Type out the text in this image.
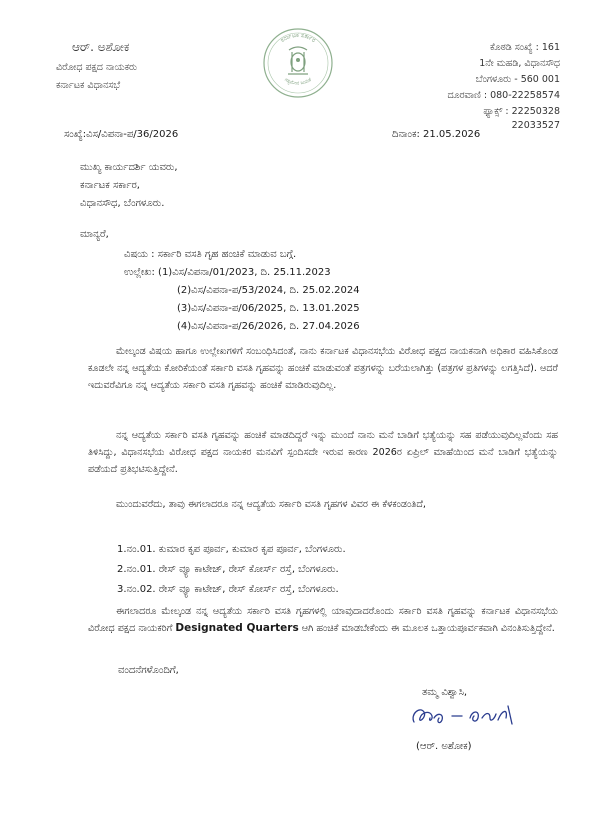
ಆರ್. ಅಶೋಕ
ವಿರೋಧ ಪಕ್ಷದ ನಾಯಕರು
ಕರ್ನಾಟಕ ವಿಧಾನಸಭೆ
ಕರ್ನಾಟಕ ಸರ್ಕಾರ
ಸತ್ಯಮೇವ ಜಯತೆ
ಕೊಠಡಿ ಸಂಖ್ಯೆ : 161
1ನೇ ಮಹಡಿ, ವಿಧಾನಸೌಧ
ಬೆಂಗಳೂರು - 560 001
ದೂರವಾಣಿ : 080-22258574
ಫ್ಯಾಕ್ಸ್ : 22250328
22033527
ಸಂಖ್ಯೆ:ವಿಸ/ವಿಪನಾ-ಪ/36/2026	ದಿನಾಂಕ: 21.05.2026
ಮುಖ್ಯ ಕಾರ್ಯದರ್ಶಿ ಯವರು,
ಕರ್ನಾಟಕ ಸರ್ಕಾರ,
ವಿಧಾನಸೌಧ, ಬೆಂಗಳೂರು.
ಮಾನ್ಯರೆ,
ವಿಷಯ : ಸರ್ಕಾರಿ ವಸತಿ ಗೃಹ ಹಂಚಿಕೆ ಮಾಡುವ ಬಗ್ಗೆ.
ಉಲ್ಲೇಖ: (1)ವಿಸ/ವಿಪನಾ/01/2023, ದಿ. 25.11.2023
(2)ವಿಸ/ವಿಪನಾ-ಪ/53/2024, ದಿ. 25.02.2024
(3)ವಿಸ/ವಿಪನಾ-ಪ/06/2025, ದಿ. 13.01.2025
(4)ವಿಸ/ವಿಪನಾ-ಪ/26/2026, ದಿ. 27.04.2026
ಮೇಲ್ಕಂಡ ವಿಷಯ ಹಾಗೂ ಉಲ್ಲೇಖಗಳಿಗೆ ಸಂಬಂಧಿಸಿದಂತೆ, ನಾನು ಕರ್ನಾಟಕ ವಿಧಾನಸಭೆಯ ವಿರೋಧ ಪಕ್ಷದ ನಾಯಕನಾಗಿ ಅಧಿಕಾರ ವಹಿಸಿಕೊಂಡ ಕೂಡಲೇ ನನ್ನ ಆದ್ಯತೆಯ ಕೋರಿಕೆಯಂತೆ ಸರ್ಕಾರಿ ವಸತಿ ಗೃಹವನ್ನು ಹಂಚಿಕೆ ಮಾಡುವಂತೆ ಪತ್ರಗಳನ್ನು ಬರೆಯಲಾಗಿತ್ತು (ಪತ್ರಗಳ ಪ್ರತಿಗಳನ್ನು ಲಗತ್ತಿಸಿದೆ). ಆದರೆ ಇದುವರೆವಿಗೂ ನನ್ನ ಆದ್ಯತೆಯ ಸರ್ಕಾರಿ ವಸತಿ ಗೃಹವನ್ನು ಹಂಚಿಕೆ ಮಾಡಿರುವುದಿಲ್ಲ.
ನನ್ನ ಆದ್ಯತೆಯ ಸರ್ಕಾರಿ ವಸತಿ ಗೃಹವನ್ನು ಹಂಚಿಕೆ ಮಾಡದಿದ್ದರೆ ಇನ್ನು ಮುಂದೆ ನಾನು ಮನೆ ಬಾಡಿಗೆ ಭತ್ಯೆಯನ್ನು ಸಹ ಪಡೆಯುವುದಿಲ್ಲವೆಂದು ಸಹ ತಿಳಿಸಿದ್ದು, ವಿಧಾನಸಭೆಯ ವಿರೋಧ ಪಕ್ಷದ ನಾಯಕರ ಮನವಿಗೆ ಸ್ಪಂದಿಸದೇ ಇರುವ ಕಾರಣ 2026ರ ಏಪ್ರಿಲ್ ಮಾಹೆಯಿಂದ ಮನೆ ಬಾಡಿಗೆ ಭತ್ಯೆಯನ್ನು ಪಡೆಯದೆ ಪ್ರತಿಭಟಿಸುತ್ತಿದ್ದೇನೆ.
ಮುಂದುವರೆದು, ತಾವು ಈಗಲಾದರೂ ನನ್ನ ಆದ್ಯತೆಯ ಸರ್ಕಾರಿ ವಸತಿ ಗೃಹಗಳ ವಿವರ ಈ ಕೆಳಕಂಡಂತಿದೆ,
1.ನಂ.01. ಕುಮಾರ ಕೃಪ ಪೂರ್ವ, ಕುಮಾರ ಕೃಪ ಪೂರ್ವ, ಬೆಂಗಳೂರು.
2.ನಂ.01. ರೇಸ್ ವ್ಯೂ ಕಾಟೇಜ್, ರೇಸ್ ಕೋರ್ಸ್ ರಸ್ತೆ, ಬೆಂಗಳೂರು.
3.ನಂ.02. ರೇಸ್ ವ್ಯೂ ಕಾಟೇಜ್, ರೇಸ್ ಕೋರ್ಸ್ ರಸ್ತೆ, ಬೆಂಗಳೂರು.
ಈಗಲಾದರೂ ಮೇಲ್ಕಂಡ ನನ್ನ ಆದ್ಯತೆಯ ಸರ್ಕಾರಿ ವಸತಿ ಗೃಹಗಳಲ್ಲಿ ಯಾವುದಾದರೊಂದು ಸರ್ಕಾರಿ ವಸತಿ ಗೃಹವನ್ನು ಕರ್ನಾಟಕ ವಿಧಾನಸಭೆಯ ವಿರೋಧ ಪಕ್ಷದ ನಾಯಕರಿಗೆ Designated Quarters ಆಗಿ ಹಂಚಿಕೆ ಮಾಡಬೇಕೆಂದು ಈ ಮೂಲಕ ಒತ್ತಾಯಪೂರ್ವಕವಾಗಿ ವಿನಂತಿಸುತ್ತಿದ್ದೇನೆ.
ವಂದನೆಗಳೊಂದಿಗೆ,
ತಮ್ಮ ವಿಶ್ವಾಸಿ,
(ಆರ್. ಅಶೋಕ)
